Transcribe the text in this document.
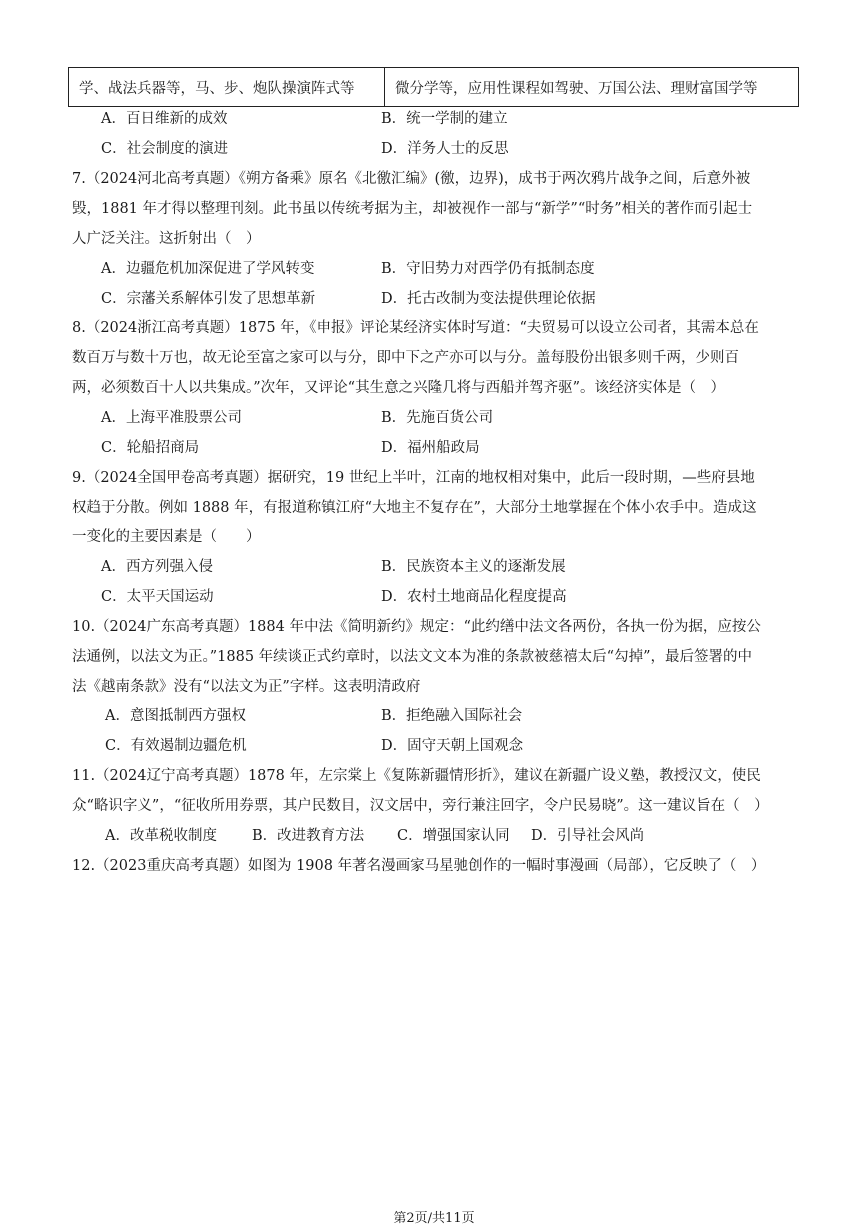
学、战法兵器等，马、步、炮队操演阵式等	微分学等，应用性课程如驾驶、万国公法、理财富国学等
A．百日维新的成效	B．统一学制的建立
C．社会制度的演进	D．洋务人士的反思
7.（2024河北高考真题）《朔方备乘》原名《北徼汇编》(徼，边界)，成书于两次鸦片战争之间，后意外被
毁，1881 年才得以整理刊刻。此书虽以传统考据为主，却被视作一部与“新学”“时务”相关的著作而引起士
人广泛关注。这折射出（　）
A．边疆危机加深促进了学风转变	B．守旧势力对西学仍有抵制态度
C．宗藩关系解体引发了思想革新	D．托古改制为变法提供理论依据
8.（2024浙江高考真题）1875 年，《申报》评论某经济实体时写道：“夫贸易可以设立公司者，其需本总在
数百万与数十万也，故无论至富之家可以与分，即中下之产亦可以与分。盖每股份出银多则千两，少则百
两，必须数百十人以共集成。”次年，又评论“其生意之兴隆几将与西船并驾齐驱”。该经济实体是（　）
A．上海平准股票公司	B．先施百货公司
C．轮船招商局	D．福州船政局
9.（2024全国甲卷高考真题）据研究，19 世纪上半叶，江南的地权相对集中，此后一段时期，—些府县地
权趋于分散。例如 1888 年，有报道称镇江府“大地主不复存在”，大部分土地掌握在个体小农手中。造成这
一变化的主要因素是（　　）
A．西方列强入侵	B．民族资本主义的逐渐发展
C．太平天国运动	D．农村土地商品化程度提高
10.（2024广东高考真题）1884 年中法《简明新约》规定：“此约缮中法文各两份，各执一份为据，应按公
法通例，以法文为正。”1885 年续谈正式约章时，以法文文本为准的条款被慈禧太后“勾掉”，最后签署的中
法《越南条款》没有“以法文为正”字样。这表明清政府
A．意图抵制西方强权	B．拒绝融入国际社会
C．有效遏制边疆危机	D．固守天朝上国观念
11.（2024辽宁高考真题）1878 年，左宗棠上《复陈新疆情形折》，建议在新疆广设义塾，教授汉文，使民
众“略识字义”，“征收所用券票，其户民数目，汉文居中，旁行兼注回字，令户民易晓”。这一建议旨在（　）
A．改革税收制度 B．改进教育方法 C．增强国家认同 D．引导社会风尚
12.（2023重庆高考真题）如图为 1908 年著名漫画家马星驰创作的一幅时事漫画（局部），它反映了（　）
第2页/共11页
